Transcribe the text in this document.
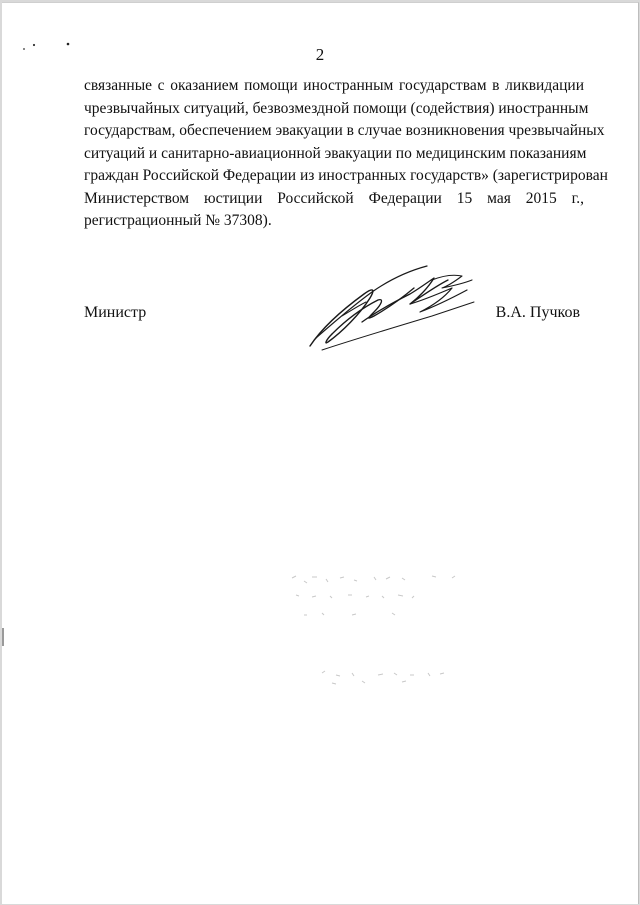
2

связанные с оказанием помощи иностранным государствам в ликвидации
чрезвычайных ситуаций, безвозмездной помощи (содействия) иностранным
государствам, обеспечением эвакуации в случае возникновения чрезвычайных
ситуаций и санитарно-авиационной эвакуации по медицинским показаниям
граждан Российской Федерации из иностранных государств» (зарегистрирован
Министерством юстиции Российской Федерации 15 мая 2015 г.,
регистрационный № 37308).

Министр	В.А. Пучков
